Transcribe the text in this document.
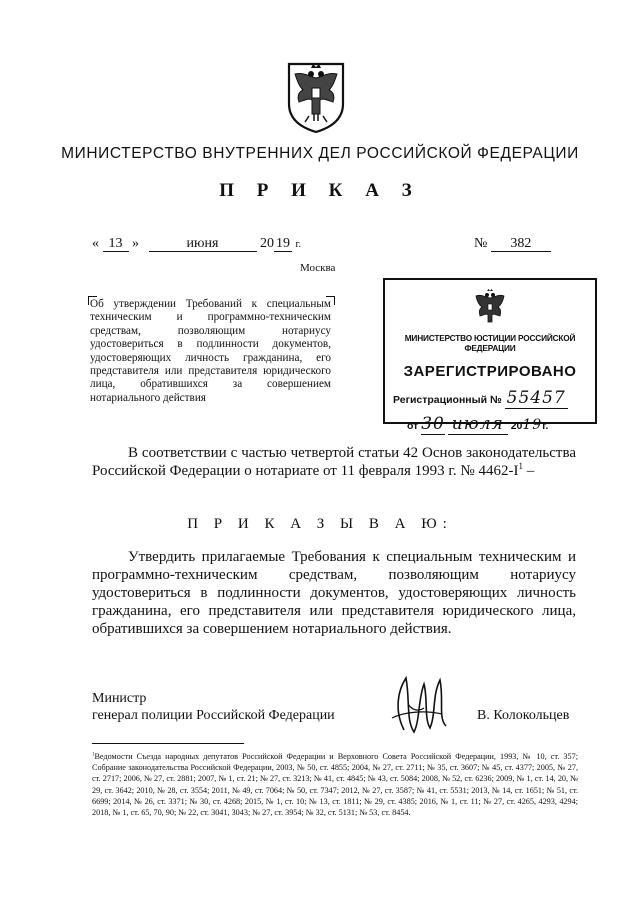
МИНИСТЕРСТВО ВНУТРЕННИХ ДЕЛ РОССИЙСКОЙ ФЕДЕРАЦИИ
П Р И К А З
« 13 »	июня	20 19 г.	№ 382
Москва
Об утверждении Требований к специальным техническим и программно-техническим средствам, позволяющим нотариусу удостовериться в подлинности документов, удостоверяющих личность гражданина, его представителя или представителя юридического лица, обратившихся за совершением нотариального действия
МИНИСТЕРСТВО ЮСТИЦИИ РОССИЙСКОЙ ФЕДЕРАЦИИ
ЗАРЕГИСТРИРОВАНО
Регистрационный № 55457
от 30 июля 2019г.
В соответствии с частью четвертой статьи 42 Основ законодательства Российской Федерации о нотариате от 11 февраля 1993 г. № $4462-I^1$ –
П Р И К А З Ы В А Ю:
Утвердить прилагаемые Требования к специальным техническим и программно-техническим средствам, позволяющим нотариусу удостовериться в подлинности документов, удостоверяющих личность гражданина, его представителя или представителя юридического лица, обратившихся за совершением нотариального действия.
Министр
генерал полиции Российской Федерации	В. Колокольцев
$^1$Ведомости Съезда народных депутатов Российской Федерации и Верховного Совета Российской Федерации, 1993, № 10, ст. 357; Собрание законодательства Российской Федерации, 2003, № 50, ст. 4855; 2004, № 27, ст. 2711; № 35, ст. 3607; № 45, ст. 4377; 2005, № 27, ст. 2717; 2006, № 27, ст. 2881; 2007, № 1, ст. 21; № 27, ст. 3213; № 41, ст. 4845; № 43, ст. 5084; 2008, № 52, ст. 6236; 2009, № 1, ст. 14, 20, № 29, ст. 3642; 2010, № 28, ст. 3554; 2011, № 49, ст. 7064; № 50, ст. 7347; 2012, № 27, ст. 3587; № 41, ст. 5531; 2013, № 14, ст. 1651; № 51, ст. 6699; 2014, № 26, ст. 3371; № 30, ст. 4268; 2015, № 1, ст. 10; № 13, ст. 1811; № 29, ст. 4385; 2016, № 1, ст. 11; № 27, ст. 4265, 4293, 4294; 2018, № 1, ст. 65, 70, 90; № 22, ст. 3041, 3043; № 27, ст. 3954; № 32, ст. 5131; № 53, ст. 8454.
